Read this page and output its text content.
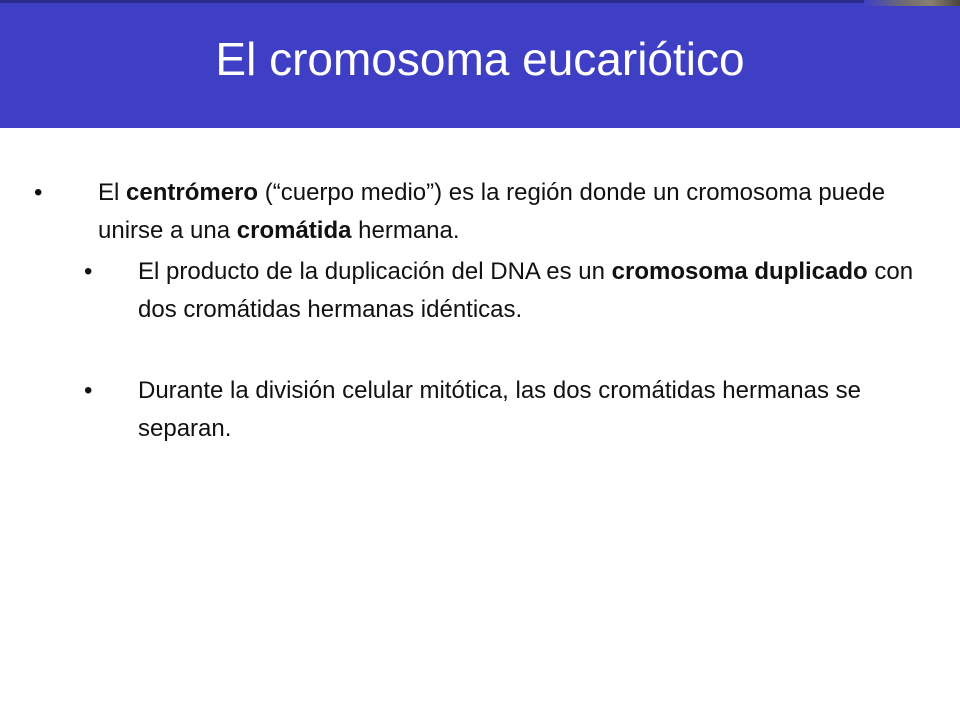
El cromosoma eucariótico
• El centrómero (“cuerpo medio”) es la región donde un cromosoma puede unirse a una cromátida hermana.
• El producto de la duplicación del DNA es un cromosoma duplicado con dos cromátidas hermanas idénticas.
• Durante la división celular mitótica, las dos cromátidas hermanas se separan.
